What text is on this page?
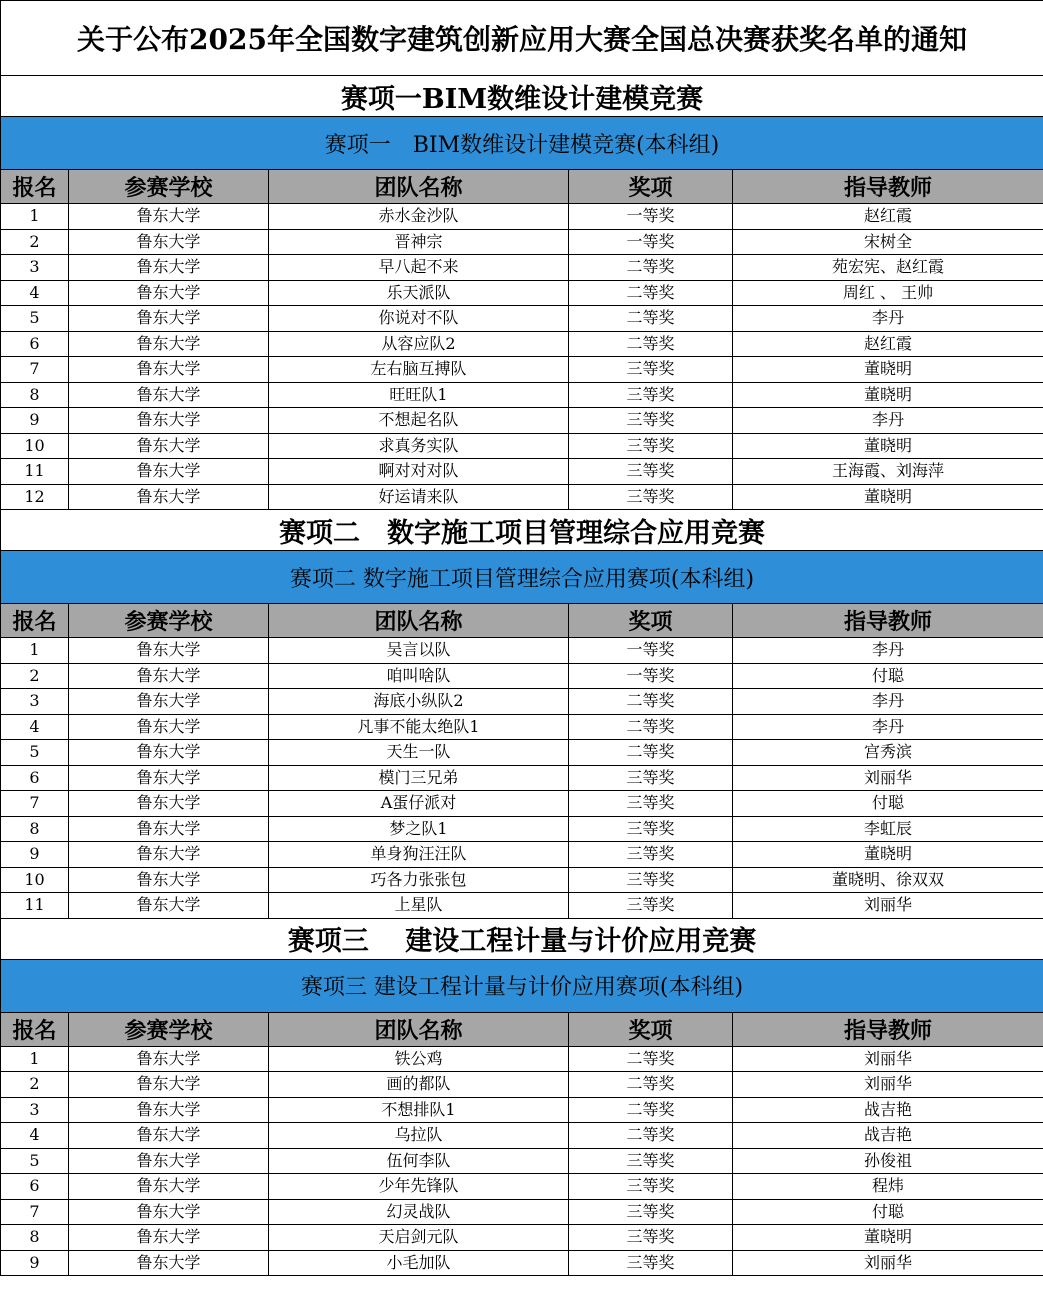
关于公布2025年全国数字建筑创新应用大赛全国总决赛获奖名单的通知				
赛项一BIM数维设计建模竞赛				
赛项一　BIM数维设计建模竞赛(本科组)				
报名	参赛学校	团队名称	奖项	指导教师
1	鲁东大学	赤水金沙队	一等奖	赵红霞
2	鲁东大学	晋神宗	一等奖	宋树全
3	鲁东大学	早八起不来	二等奖	苑宏宪、赵红霞
4	鲁东大学	乐天派队	二等奖	周红 、 王帅
5	鲁东大学	你说对不队	二等奖	李丹
6	鲁东大学	从容应队2	二等奖	赵红霞
7	鲁东大学	左右脑互搏队	三等奖	董晓明
8	鲁东大学	旺旺队1	三等奖	董晓明
9	鲁东大学	不想起名队	三等奖	李丹
10	鲁东大学	求真务实队	三等奖	董晓明
11	鲁东大学	啊对对对队	三等奖	王海霞、刘海萍
12	鲁东大学	好运请来队	三等奖	董晓明
赛项二　数字施工项目管理综合应用竞赛				
赛项二 数字施工项目管理综合应用赛项(本科组)				
报名	参赛学校	团队名称	奖项	指导教师
1	鲁东大学	吴言以队	一等奖	李丹
2	鲁东大学	咱叫啥队	一等奖	付聪
3	鲁东大学	海底小纵队2	二等奖	李丹
4	鲁东大学	凡事不能太绝队1	二等奖	李丹
5	鲁东大学	天生一队	二等奖	宫秀滨
6	鲁东大学	模门三兄弟	三等奖	刘丽华
7	鲁东大学	A蛋仔派对	三等奖	付聪
8	鲁东大学	梦之队1	三等奖	李虹辰
9	鲁东大学	单身狗汪汪队	三等奖	董晓明
10	鲁东大学	巧各力张张包	三等奖	董晓明、徐双双
11	鲁东大学	上星队	三等奖	刘丽华
赛项三　 建设工程计量与计价应用竞赛				
赛项三 建设工程计量与计价应用赛项(本科组)				
报名	参赛学校	团队名称	奖项	指导教师
1	鲁东大学	铁公鸡	二等奖	刘丽华
2	鲁东大学	画的都队	二等奖	刘丽华
3	鲁东大学	不想排队1	二等奖	战吉艳
4	鲁东大学	乌拉队	二等奖	战吉艳
5	鲁东大学	伍何李队	三等奖	孙俊祖
6	鲁东大学	少年先锋队	三等奖	程炜
7	鲁东大学	幻灵战队	三等奖	付聪
8	鲁东大学	天启剑元队	三等奖	董晓明
9	鲁东大学	小毛加队	三等奖	刘丽华
